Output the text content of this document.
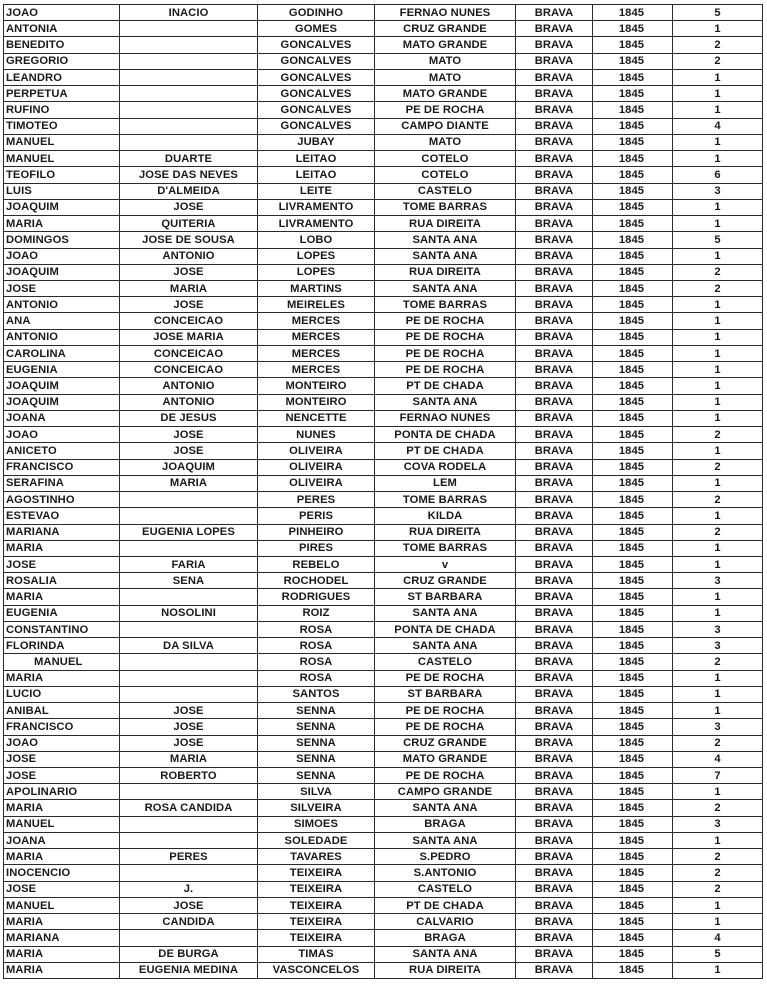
JOAO	INACIO	GODINHO	FERNAO NUNES	BRAVA	1845	5
ANTONIA		GOMES	CRUZ GRANDE	BRAVA	1845	1
BENEDITO		GONCALVES	MATO GRANDE	BRAVA	1845	2
GREGORIO		GONCALVES	MATO	BRAVA	1845	2
LEANDRO		GONCALVES	MATO	BRAVA	1845	1
PERPETUA		GONCALVES	MATO GRANDE	BRAVA	1845	1
RUFINO		GONCALVES	PE DE ROCHA	BRAVA	1845	1
TIMOTEO		GONCALVES	CAMPO DIANTE	BRAVA	1845	4
MANUEL		JUBAY	MATO	BRAVA	1845	1
MANUEL	DUARTE	LEITAO	COTELO	BRAVA	1845	1
TEOFILO	JOSE DAS NEVES	LEITAO	COTELO	BRAVA	1845	6
LUIS	D'ALMEIDA	LEITE	CASTELO	BRAVA	1845	3
JOAQUIM	JOSE	LIVRAMENTO	TOME BARRAS	BRAVA	1845	1
MARIA	QUITERIA	LIVRAMENTO	RUA DIREITA	BRAVA	1845	1
DOMINGOS	JOSE DE SOUSA	LOBO	SANTA ANA	BRAVA	1845	5
JOAO	ANTONIO	LOPES	SANTA ANA	BRAVA	1845	1
JOAQUIM	JOSE	LOPES	RUA DIREITA	BRAVA	1845	2
JOSE	MARIA	MARTINS	SANTA ANA	BRAVA	1845	2
ANTONIO	JOSE	MEIRELES	TOME BARRAS	BRAVA	1845	1
ANA	CONCEICAO	MERCES	PE DE ROCHA	BRAVA	1845	1
ANTONIO	JOSE MARIA	MERCES	PE DE ROCHA	BRAVA	1845	1
CAROLINA	CONCEICAO	MERCES	PE DE ROCHA	BRAVA	1845	1
EUGENIA	CONCEICAO	MERCES	PE DE ROCHA	BRAVA	1845	1
JOAQUIM	ANTONIO	MONTEIRO	PT DE CHADA	BRAVA	1845	1
JOAQUIM	ANTONIO	MONTEIRO	SANTA ANA	BRAVA	1845	1
JOANA	DE JESUS	NENCETTE	FERNAO NUNES	BRAVA	1845	1
JOAO	JOSE	NUNES	PONTA DE CHADA	BRAVA	1845	2
ANICETO	JOSE	OLIVEIRA	PT DE CHADA	BRAVA	1845	1
FRANCISCO	JOAQUIM	OLIVEIRA	COVA RODELA	BRAVA	1845	2
SERAFINA	MARIA	OLIVEIRA	LEM	BRAVA	1845	1
AGOSTINHO		PERES	TOME BARRAS	BRAVA	1845	2
ESTEVAO		PERIS	KILDA	BRAVA	1845	1
MARIANA	EUGENIA LOPES	PINHEIRO	RUA DIREITA	BRAVA	1845	2
MARIA		PIRES	TOME BARRAS	BRAVA	1845	1
JOSE	FARIA	REBELO	v	BRAVA	1845	1
ROSALIA	SENA	ROCHODEL	CRUZ GRANDE	BRAVA	1845	3
MARIA		RODRIGUES	ST BARBARA	BRAVA	1845	1
EUGENIA	NOSOLINI	ROIZ	SANTA ANA	BRAVA	1845	1
CONSTANTINO		ROSA	PONTA DE CHADA	BRAVA	1845	3
FLORINDA	DA SILVA	ROSA	SANTA ANA	BRAVA	1845	3
MANUEL		ROSA	CASTELO	BRAVA	1845	2
MARIA		ROSA	PE DE ROCHA	BRAVA	1845	1
LUCIO		SANTOS	ST BARBARA	BRAVA	1845	1
ANIBAL	JOSE	SENNA	PE DE ROCHA	BRAVA	1845	1
FRANCISCO	JOSE	SENNA	PE DE ROCHA	BRAVA	1845	3
JOAO	JOSE	SENNA	CRUZ GRANDE	BRAVA	1845	2
JOSE	MARIA	SENNA	MATO GRANDE	BRAVA	1845	4
JOSE	ROBERTO	SENNA	PE DE ROCHA	BRAVA	1845	7
APOLINARIO		SILVA	CAMPO GRANDE	BRAVA	1845	1
MARIA	ROSA CANDIDA	SILVEIRA	SANTA ANA	BRAVA	1845	2
MANUEL		SIMOES	BRAGA	BRAVA	1845	3
JOANA		SOLEDADE	SANTA ANA	BRAVA	1845	1
MARIA	PERES	TAVARES	S.PEDRO	BRAVA	1845	2
INOCENCIO		TEIXEIRA	S.ANTONIO	BRAVA	1845	2
JOSE	J.	TEIXEIRA	CASTELO	BRAVA	1845	2
MANUEL	JOSE	TEIXEIRA	PT DE CHADA	BRAVA	1845	1
MARIA	CANDIDA	TEIXEIRA	CALVARIO	BRAVA	1845	1
MARIANA		TEIXEIRA	BRAGA	BRAVA	1845	4
MARIA	DE BURGA	TIMAS	SANTA ANA	BRAVA	1845	5
MARIA	EUGENIA MEDINA	VASCONCELOS	RUA DIREITA	BRAVA	1845	1
